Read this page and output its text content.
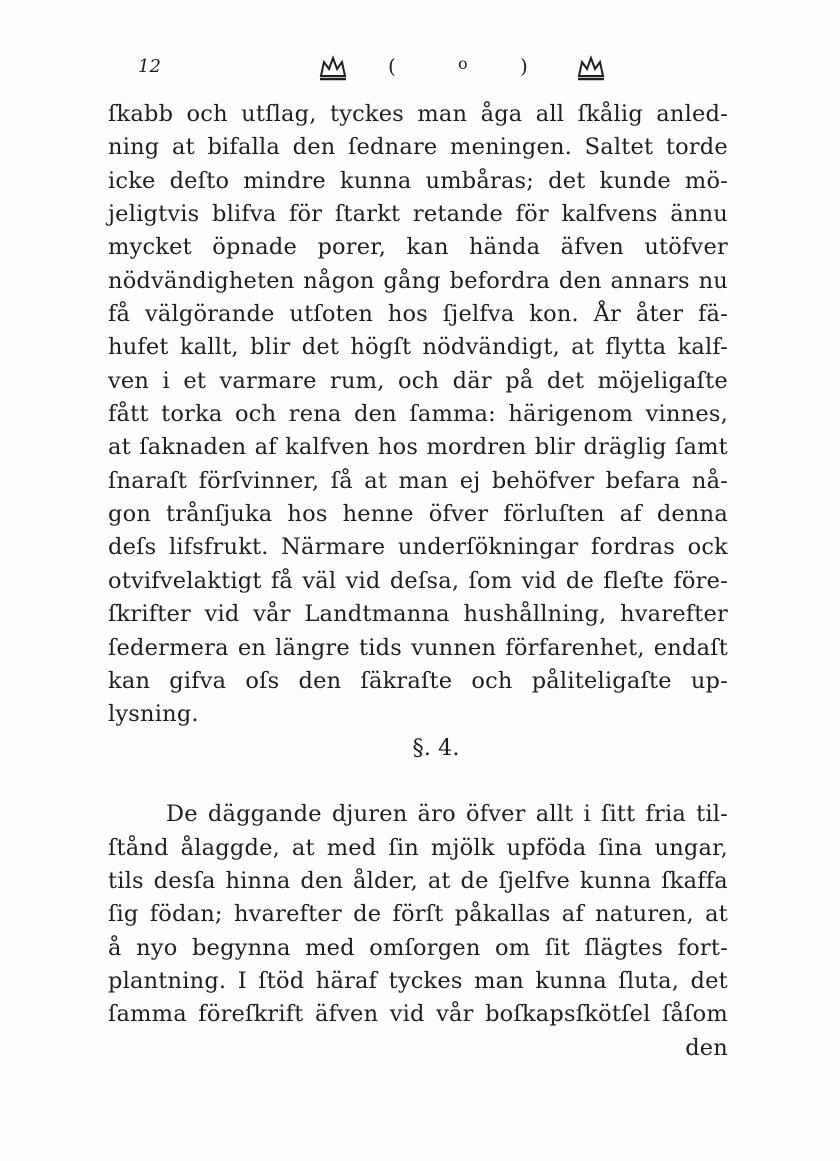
12	(	o	)
ſkabb och utſlag, tyckes man åga all ſkålig anled-
ning at bifalla den ſednare meningen. Saltet torde
icke deſto mindre kunna umbåras; det kunde mö-
jeligtvis blifva för ſtarkt retande för kalfvens ännu
mycket öpnade porer, kan hända äfven utöfver
nödvändigheten någon gång befordra den annars nu
få välgörande utſoten hos ſjelfva kon. År åter fä-
hufet kallt, blir det högſt nödvändigt, at flytta kalf-
ven i et varmare rum, och där på det möjeligaſte
fått torka och rena den ſamma: härigenom vinnes,
at ſaknaden af kalfven hos mordren blir dräglig ſamt
ſnaraſt förſvinner, ſå at man ej behöfver befara nå-
gon trånſjuka hos henne öfver förluſten af denna
deſs lifsfrukt. Närmare underſökningar fordras ock
otvifvelaktigt få väl vid deſsa, ſom vid de fleſte före-
ſkrifter vid vår Landtmanna hushållning, hvarefter
ſedermera en längre tids vunnen förfarenhet, endaſt
kan gifva oſs den ſäkraſte och påliteligaſte up-
lysning.
§. 4.
De däggande djuren äro öfver allt i ſitt fria til-
ſtånd ålaggde, at med ſin mjölk upföda ſina ungar,
tils desſa hinna den ålder, at de ſjelfve kunna ſkaffa
ſig födan; hvarefter de förſt påkallas af naturen, at
å nyo begynna med omſorgen om ſit ſlägtes fort-
plantning. I ſtöd häraf tyckes man kunna ſluta, det
ſamma föreſkrift äfven vid vår boſkapsſkötſel ſåſom
den
